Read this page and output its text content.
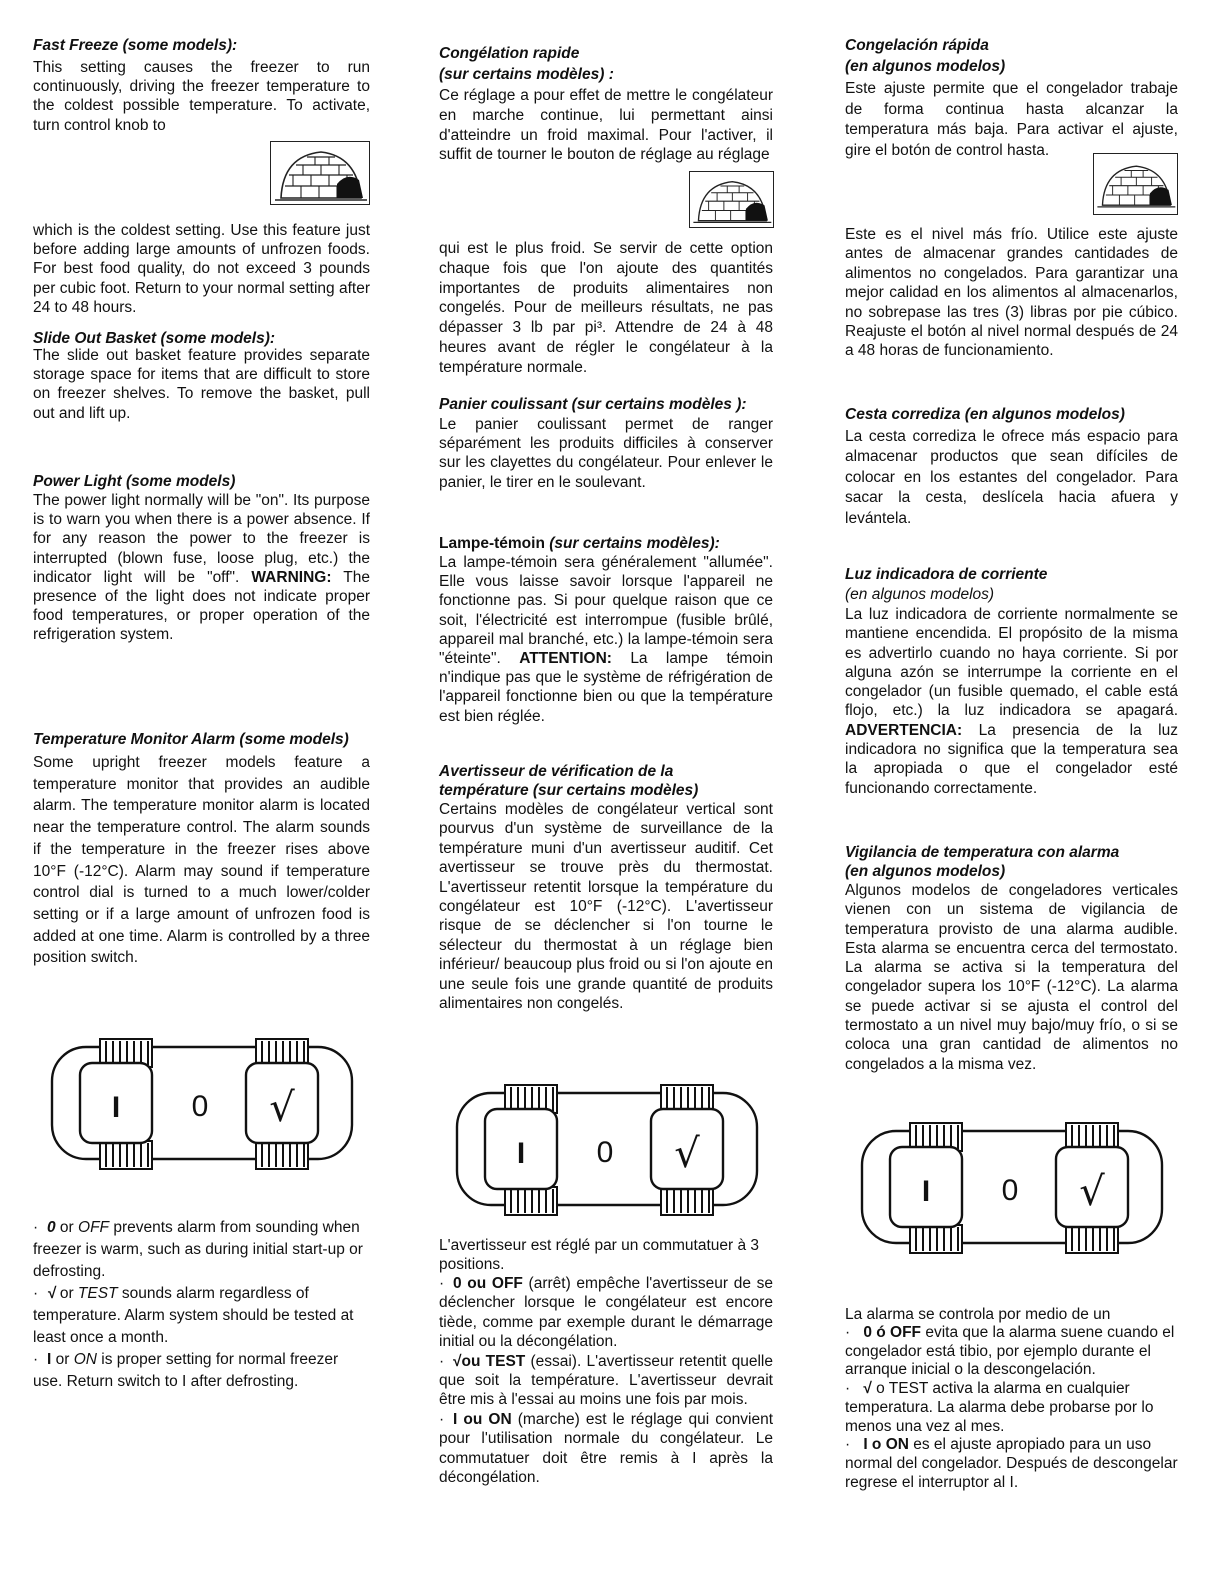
Fast Freeze (some models):

This setting causes the freezer to run continuously, driving the freezer temperature to the coldest possible temperature. To activate, turn control knob to

which is the coldest setting. Use this feature just before adding large amounts of unfrozen foods. For best food quality, do not exceed 3 pounds per cubic foot. Return to your normal setting after 24 to 48 hours.

Slide Out Basket (some models):

The slide out basket feature provides separate storage space for items that are difficult to store on freezer shelves. To remove the basket, pull out and lift up.

Power Light (some models)

The power light normally will be "on". Its purpose is to warn you when there is a power absence. If for any reason the power to the freezer is interrupted (blown fuse, loose plug, etc.) the indicator light will be "off". WARNING: The presence of the light does not indicate proper food temperatures, or proper operation of the refrigeration system.

Temperature Monitor Alarm (some models)

Some upright freezer models feature a temperature monitor that provides an audible alarm. The temperature monitor alarm is located near the temperature control. The alarm sounds if the temperature in the freezer rises above 10°F (-12°C). Alarm may sound if temperature control dial is turned to a much lower/colder setting or if a large amount of unfrozen food is added at one time. Alarm is controlled by a three position switch.

I 0 √
· 0 or OFF prevents alarm from sounding when freezer is warm, such as during initial start-up or defrosting.
· √ or TEST sounds alarm regardless of temperature. Alarm system should be tested at least once a month.
· I or ON is proper setting for normal freezer use. Return switch to I after defrosting.

Congélation rapide

(sur certains modèles) :

Ce réglage a pour effet de mettre le congélateur en marche continue, lui permettant ainsi d'atteindre un froid maximal. Pour l'activer, il suffit de tourner le bouton de réglage au réglage

qui est le plus froid. Se servir de cette option chaque fois que l'on ajoute des quantités importantes de produits alimentaires non congelés. Pour de meilleurs résultats, ne pas dépasser 3 lb par pi³. Attendre de 24 à 48 heures avant de régler le congélateur à la température normale.

Panier coulissant (sur certains modèles ):

Le panier coulissant permet de ranger séparément les produits difficiles à conserver sur les clayettes du congélateur. Pour enlever le panier, le tirer en le soulevant.

Lampe-témoin (sur certains modèles):

La lampe-témoin sera généralement "allumée". Elle vous laisse savoir lorsque l'appareil ne fonctionne pas. Si pour quelque raison que ce soit, l'électricité est interrompue (fusible brûlé, appareil mal branché, etc.) la lampe-témoin sera "éteinte". ATTENTION: La lampe témoin n'indique pas que le système de réfrigération de l'appareil fonctionne bien ou que la température est bien réglée.

Avertisseur de vérification de la

température (sur certains modèles)

Certains modèles de congélateur vertical sont pourvus d'un système de surveillance de la température muni d'un avertisseur auditif. Cet avertisseur se trouve près du thermostat. L'avertisseur retentit lorsque la température du congélateur est 10°F (-12°C). L'avertisseur risque de se déclencher si l'on tourne le sélecteur du thermostat à un réglage bien inférieur/ beaucoup plus froid ou si l'on ajoute en une seule fois une grande quantité de produits alimentaires non congelés.

I 0 √

L'avertisseur est réglé par un commutatuer à 3 positions.

· 0 ou OFF (arrêt) empêche l'avertisseur de se déclencher lorsque le congélateur est encore tiède, comme par exemple durant le démarrage initial ou la décongélation.
· √ou TEST (essai). L'avertisseur retentit quelle que soit la température. L'avertisseur devrait être mis à l'essai au moins une fois par mois.
· I ou ON (marche) est le réglage qui convient pour l'utilisation normale du congélateur. Le commutatuer doit être remis à I après la décongélation.

Congelación rápida

(en algunos modelos)

Este ajuste permite que el congelador trabaje de forma continua hasta alcanzar la temperatura más baja. Para activar el ajuste, gire el botón de control hasta.

Este es el nivel más frío. Utilice este ajuste antes de almacenar grandes cantidades de alimentos no congelados. Para garantizar una mejor calidad en los alimentos al almacenarlos, no sobrepase las tres (3) libras por pie cúbico. Reajuste el botón al nivel normal después de 24 a 48 horas de funcionamiento.

Cesta corrediza (en algunos modelos)

La cesta corrediza le ofrece más espacio para almacenar productos que sean difíciles de colocar en los estantes del congelador. Para sacar la cesta, deslícela hacia afuera y levántela.

Luz indicadora de corriente

(en algunos modelos)

La luz indicadora de corriente normalmente se mantiene encendida. El propósito de la misma es advertirlo cuando no haya corriente. Si por alguna azón se interrumpe la corriente en el congelador (un fusible quemado, el cable está flojo, etc.) la luz indicadora se apagará. ADVERTENCIA: La presencia de la luz indicadora no significa que la temperatura sea la apropiada o que el congelador esté funcionando correctamente.

Vigilancia de temperatura con alarma

(en algunos modelos)

Algunos modelos de congeladores verticales vienen con un sistema de vigilancia de temperatura provisto de una alarma audible. Esta alarma se encuentra cerca del termostato. La alarma se activa si la temperatura del congelador supera los 10°F (-12°C). La alarma se puede activar si se ajusta el control del termostato a un nivel muy bajo/muy frío, o si se coloca una gran cantidad de alimentos no congelados a la misma vez.

I 0 √

La alarma se controla por medio de un

· 0 ó OFF evita que la alarma suene cuando el congelador está tibio, por ejemplo durante el arranque inicial o la descongelación.
· √ o TEST activa la alarma en cualquier temperatura. La alarma debe probarse por lo menos una vez al mes.
· I o ON es el ajuste apropiado para un uso normal del congelador. Después de descongelar regrese el interruptor al I.
